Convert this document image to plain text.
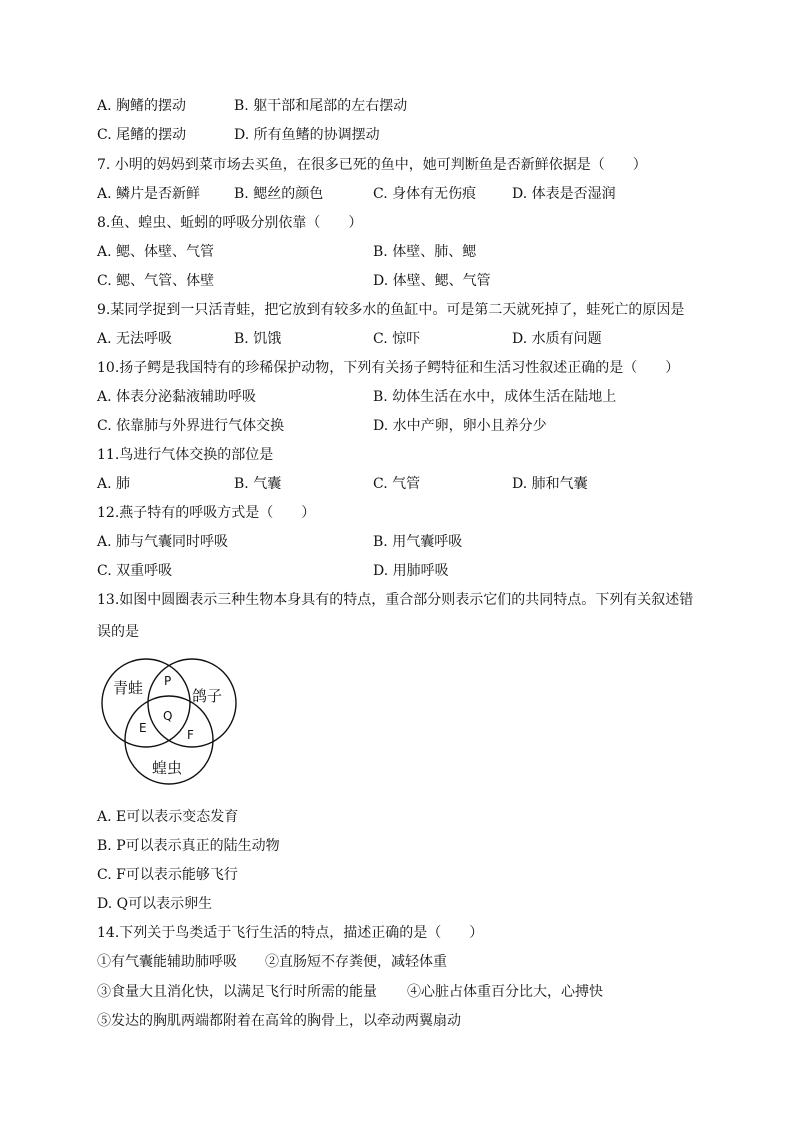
A. 胸鳍的摆动	B. 躯干部和尾部的左右摆动
C. 尾鳍的摆动	D. 所有鱼鳍的协调摆动
7. 小明的妈妈到菜市场去买鱼，在很多已死的鱼中，她可判断鱼是否新鲜依据是（　　）
A. 鳞片是否新鲜 B. 鳃丝的颜色	C. 身体有无伤痕	D. 体表是否湿润
8.鱼、蝗虫、蚯蚓的呼吸分别依靠（　　）
A. 鳃、体壁、气管	B. 体壁、肺、鳃
C. 鳃、气管、体壁	D. 体壁、鳃、气管
9.某同学捉到一只活青蛙，把它放到有较多水的鱼缸中。可是第二天就死掉了，蛙死亡的原因是
A. 无法呼吸	B. 饥饿	C. 惊吓	D. 水质有问题
10.扬子鳄是我国特有的珍稀保护动物，下列有关扬子鳄特征和生活习性叙述正确的是（　　）
A. 体表分泌黏液辅助呼吸	B. 幼体生活在水中，成体生活在陆地上
C. 依靠肺与外界进行气体交换	D. 水中产卵，卵小且养分少
11.鸟进行气体交换的部位是
A. 肺	B. 气囊	C. 气管	D. 肺和气囊
12.燕子特有的呼吸方式是（　　）
A. 肺与气囊同时呼吸	B. 用气囊呼吸
C. 双重呼吸	D. 用肺呼吸
13.如图中圆圈表示三种生物本身具有的特点，重合部分则表示它们的共同特点。下列有关叙述错
误的是
青蛙	鸽子
蝗虫
P
Q
E	F
A. E可以表示变态发育
B. P可以表示真正的陆生动物
C. F可以表示能够飞行
D. Q可以表示卵生
14.下列关于鸟类适于飞行生活的特点，描述正确的是（　　）
①有气囊能辅助肺呼吸 ②直肠短不存粪便，减轻体重
③食量大且消化快，以满足飞行时所需的能量 ④心脏占体重百分比大，心搏快
⑤发达的胸肌两端都附着在高耸的胸骨上，以牵动两翼扇动
